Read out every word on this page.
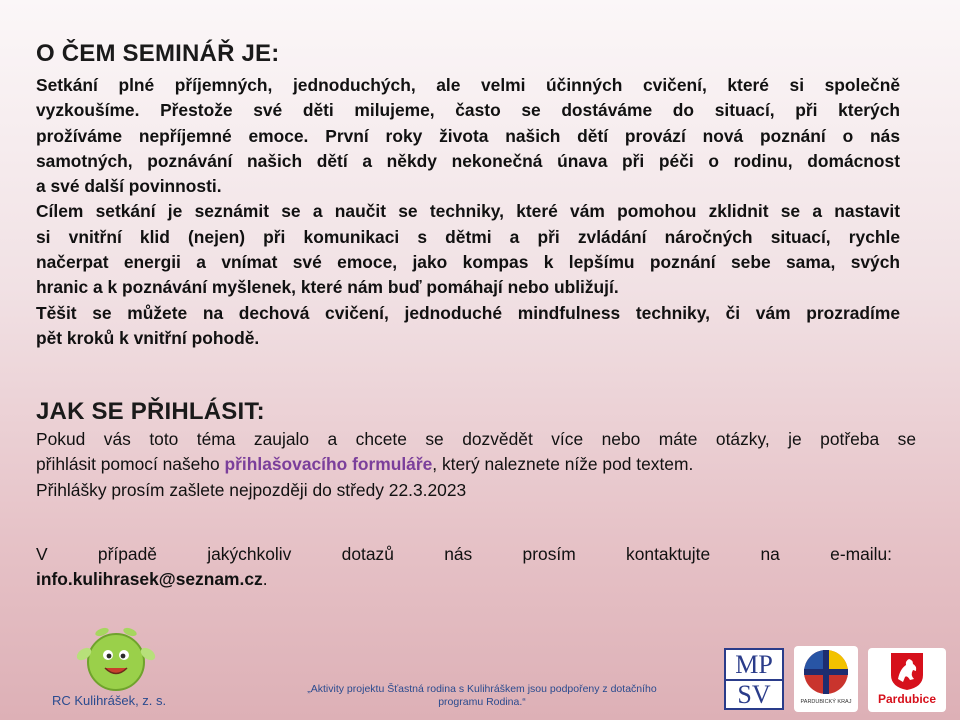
O ČEM SEMINÁŘ JE:
Setkání plné příjemných, jednoduchých, ale velmi účinných cvičení, které si společně
vyzkoušíme. Přestože své děti milujeme, často se dostáváme do situací, při kterých
prožíváme nepříjemné emoce. První roky života našich dětí provází nová poznání o nás
samotných, poznávání našich dětí a někdy nekonečná únava při péči o rodinu, domácnost
a své další povinnosti.
Cílem setkání je seznámit se a naučit se techniky, které vám pomohou zklidnit se a nastavit
si vnitřní klid (nejen) při komunikaci s dětmi a při zvládání náročných situací, rychle
načerpat energii a vnímat své emoce, jako kompas k lepšímu poznání sebe sama, svých
hranic a k poznávání myšlenek, které nám buď pomáhají nebo ubližují.
Těšit se můžete na dechová cvičení, jednoduché mindfulness techniky, či vám prozradíme
pět kroků k vnitřní pohodě.
JAK SE PŘIHLÁSIT:
Pokud vás toto téma zaujalo a chcete se dozvědět více nebo máte otázky, je potřeba se
přihlásit pomocí našeho přihlašovacího formuláře, který naleznete níže pod textem.
Přihlášky prosím zašlete nejpozději do středy 22.3.2023
V případě jakýchkoliv dotazů nás prosím kontaktujte na e-mailu:
info.kulihrasek@seznam.cz.
RC Kulihrášek, z. s.
„Aktivity projektu Šťastná rodina s Kulihráškem jsou podpořeny z dotačního programu Rodina.“
MP
SV	PARDUBICKÝ KRAJ	Pardubice
